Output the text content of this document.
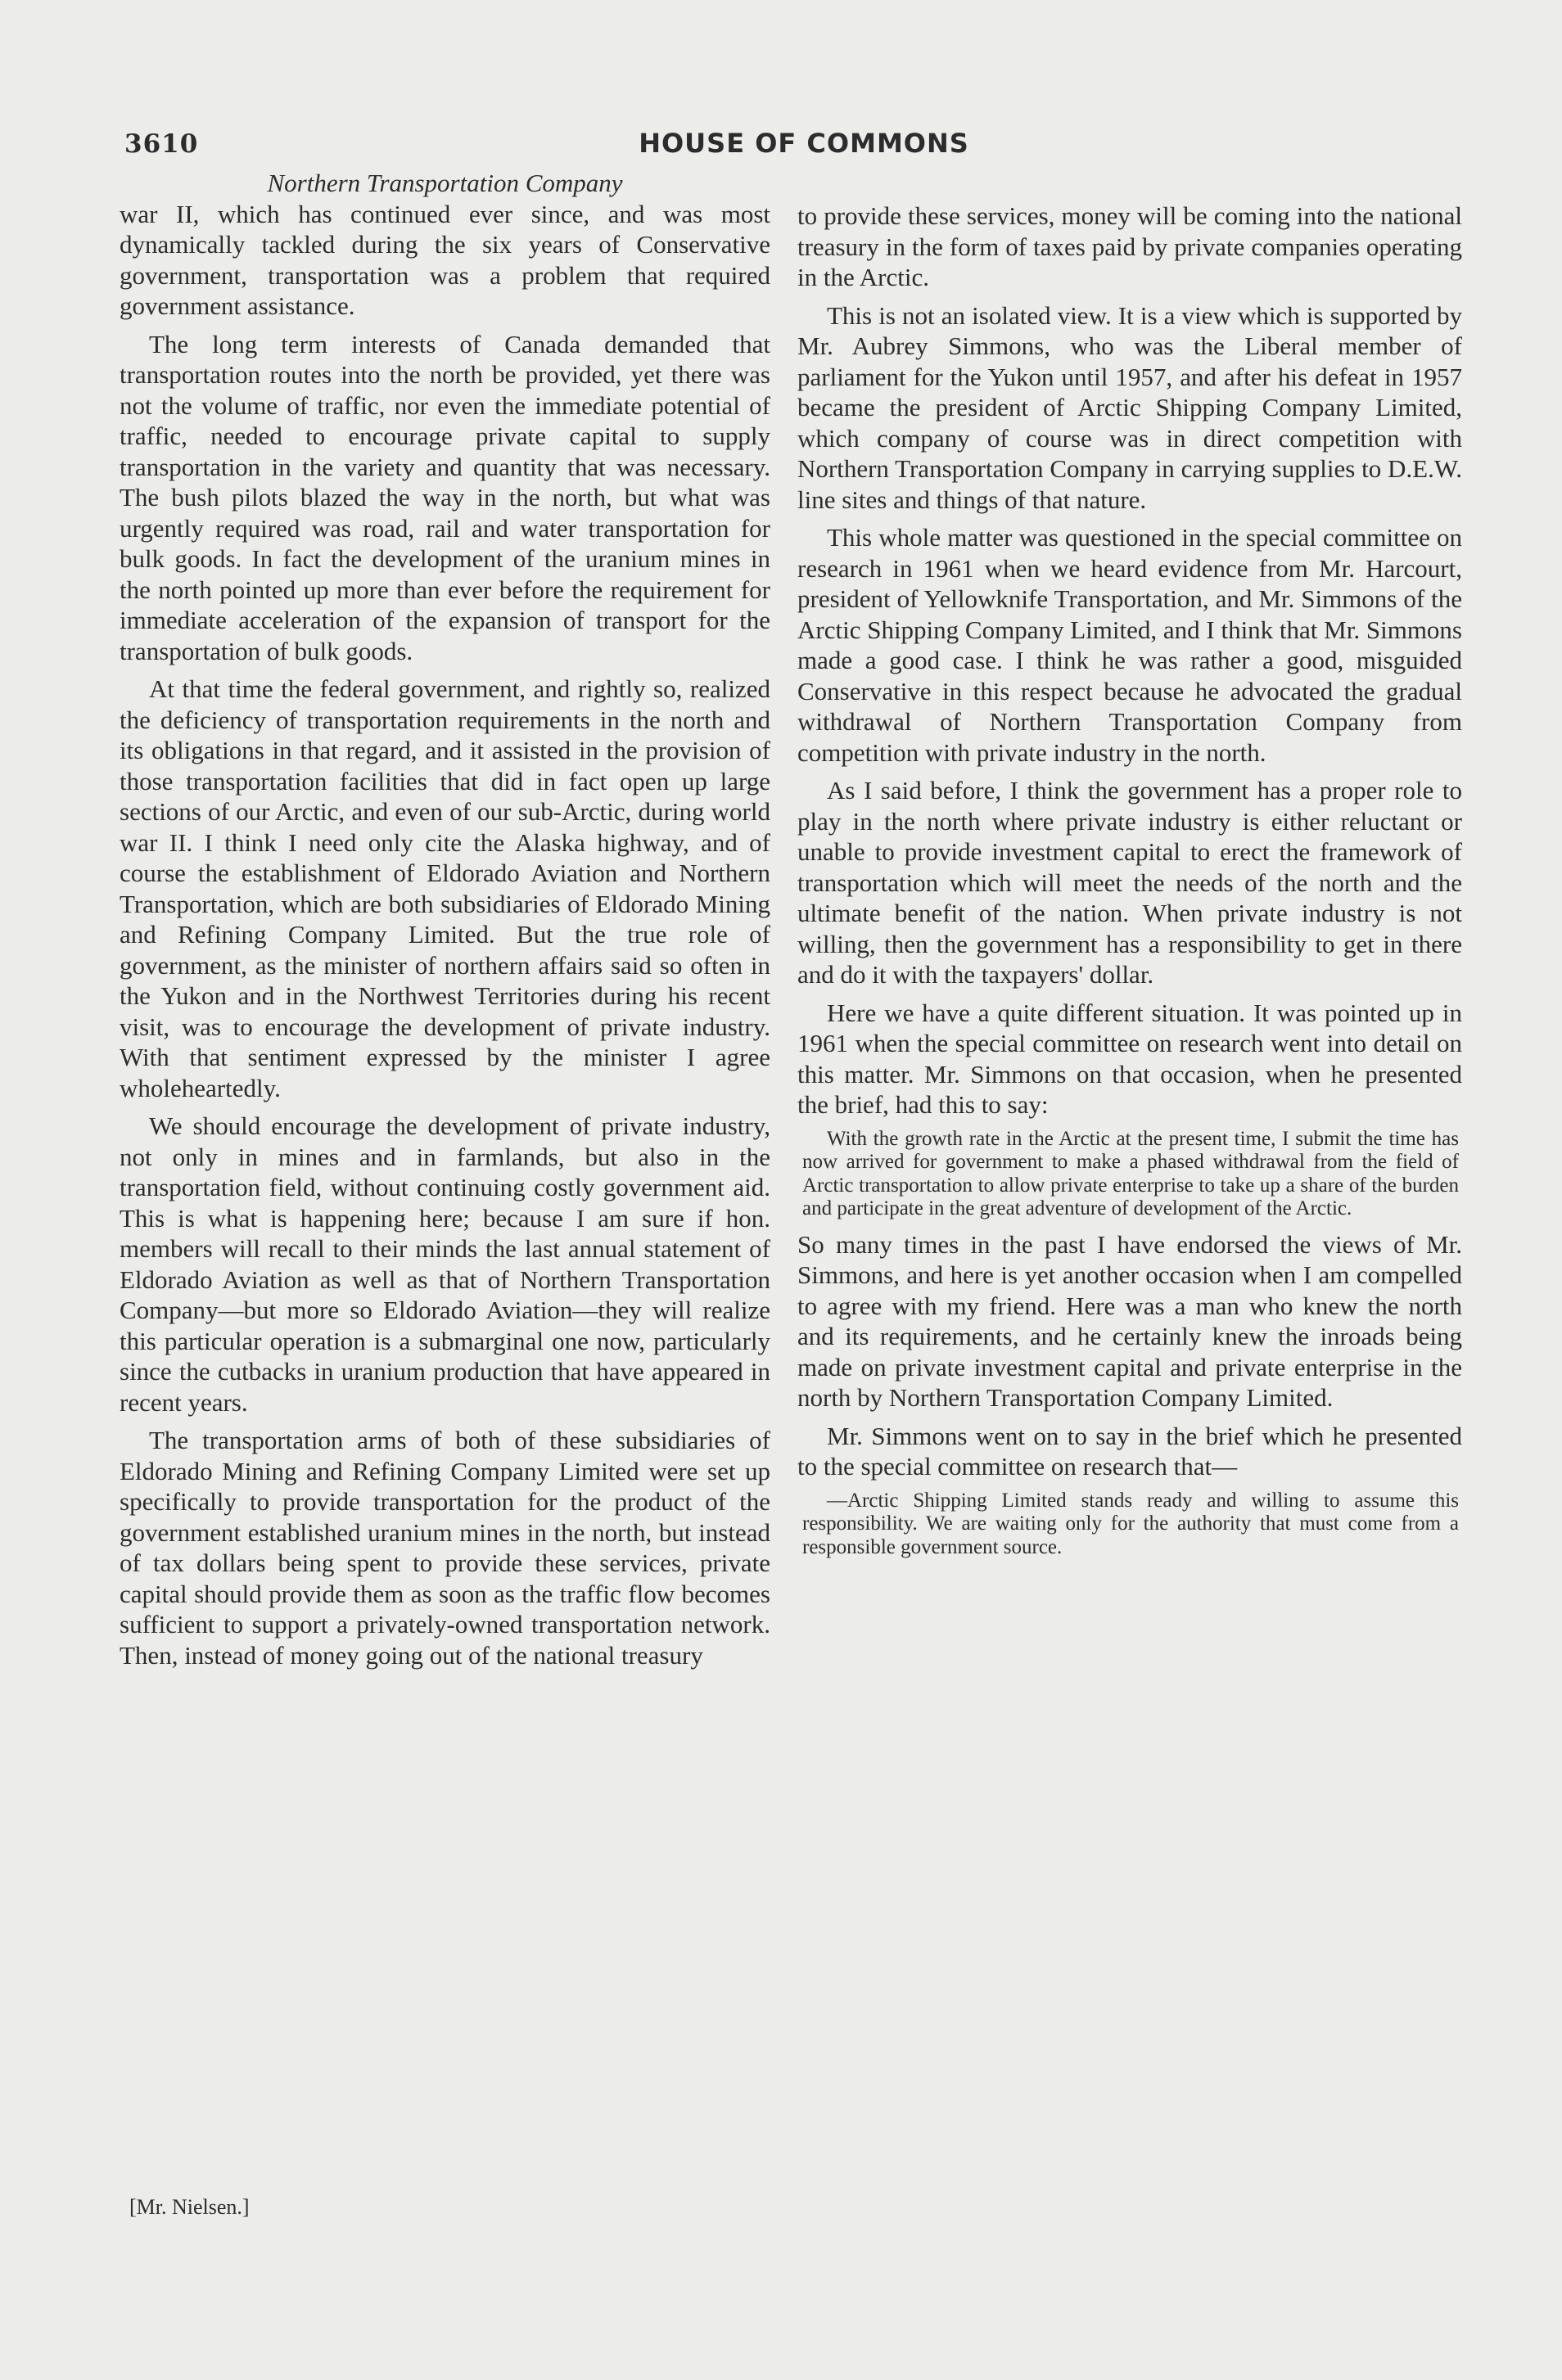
3610	HOUSE OF COMMONS
Northern Transportation Company

war II, which has continued ever since, and was most dynamically tackled during the six years of Conservative government, transportation was a problem that required government assistance.

The long term interests of Canada demanded that transportation routes into the north be provided, yet there was not the volume of traffic, nor even the immediate potential of traffic, needed to encourage private capital to supply transportation in the variety and quantity that was necessary. The bush pilots blazed the way in the north, but what was urgently required was road, rail and water transportation for bulk goods. In fact the development of the uranium mines in the north pointed up more than ever before the requirement for immediate acceleration of the expansion of transport for the transportation of bulk goods.

At that time the federal government, and rightly so, realized the deficiency of transportation requirements in the north and its obligations in that regard, and it assisted in the provision of those transportation facilities that did in fact open up large sections of our Arctic, and even of our sub-Arctic, during world war II. I think I need only cite the Alaska highway, and of course the establishment of Eldorado Aviation and Northern Transportation, which are both subsidiaries of Eldorado Mining and Refining Company Limited. But the true role of government, as the minister of northern affairs said so often in the Yukon and in the Northwest Territories during his recent visit, was to encourage the development of private industry. With that sentiment expressed by the minister I agree wholeheartedly.

We should encourage the development of private industry, not only in mines and in farmlands, but also in the transportation field, without continuing costly government aid. This is what is happening here; because I am sure if hon. members will recall to their minds the last annual statement of Eldorado Aviation as well as that of Northern Transportation Company—but more so Eldorado Aviation—they will realize this particular operation is a submarginal one now, particularly since the cutbacks in uranium production that have appeared in recent years.

The transportation arms of both of these subsidiaries of Eldorado Mining and Refining Company Limited were set up specifically to provide transportation for the product of the government established uranium mines in the north, but instead of tax dollars being spent to provide these services, private capital should provide them as soon as the traffic flow becomes sufficient to support a privately-owned transportation network. Then, instead of money going out of the national treasury

[Mr. Nielsen.]

to provide these services, money will be coming into the national treasury in the form of taxes paid by private companies operating in the Arctic.

This is not an isolated view. It is a view which is supported by Mr. Aubrey Simmons, who was the Liberal member of parliament for the Yukon until 1957, and after his defeat in 1957 became the president of Arctic Shipping Company Limited, which company of course was in direct competition with Northern Transportation Company in carrying supplies to D.E.W. line sites and things of that nature.

This whole matter was questioned in the special committee on research in 1961 when we heard evidence from Mr. Harcourt, president of Yellowknife Transportation, and Mr. Simmons of the Arctic Shipping Company Limited, and I think that Mr. Simmons made a good case. I think he was rather a good, misguided Conservative in this respect because he advocated the gradual withdrawal of Northern Transportation Company from competition with private industry in the north.

As I said before, I think the government has a proper role to play in the north where private industry is either reluctant or unable to provide investment capital to erect the framework of transportation which will meet the needs of the north and the ultimate benefit of the nation. When private industry is not willing, then the government has a responsibility to get in there and do it with the taxpayers' dollar.

Here we have a quite different situation. It was pointed up in 1961 when the special committee on research went into detail on this matter. Mr. Simmons on that occasion, when he presented the brief, had this to say:

With the growth rate in the Arctic at the present time, I submit the time has now arrived for government to make a phased withdrawal from the field of Arctic transportation to allow private enterprise to take up a share of the burden and participate in the great adventure of development of the Arctic.

So many times in the past I have endorsed the views of Mr. Simmons, and here is yet another occasion when I am compelled to agree with my friend. Here was a man who knew the north and its requirements, and he certainly knew the inroads being made on private investment capital and private enterprise in the north by Northern Transportation Company Limited.

Mr. Simmons went on to say in the brief which he presented to the special committee on research that—

—Arctic Shipping Limited stands ready and willing to assume this responsibility. We are waiting only for the authority that must come from a responsible government source.
